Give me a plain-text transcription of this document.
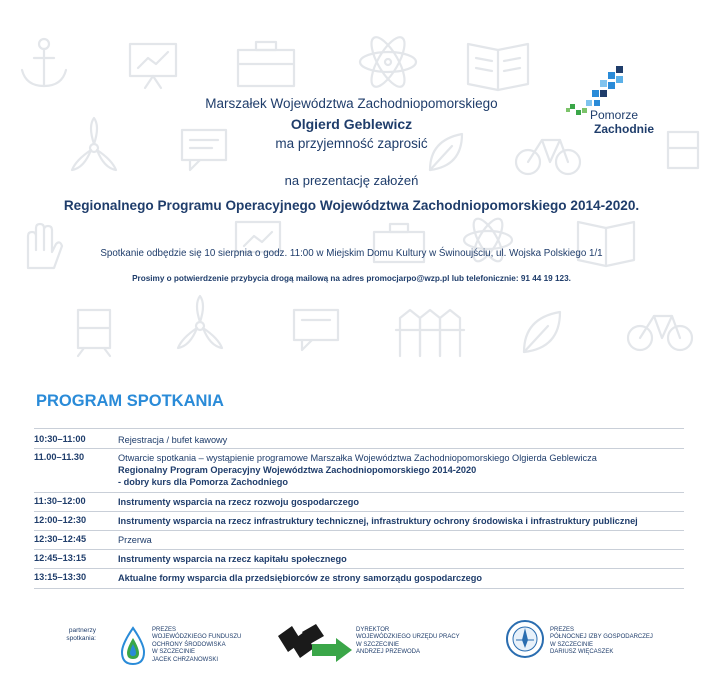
Pomorze
Zachodnie
Marszałek Województwa Zachodniopomorskiego
Olgierd Geblewicz
ma przyjemność zaprosić
na prezentację założeń
Regionalnego Programu Operacyjnego Województwa Zachodniopomorskiego 2014-2020.
Spotkanie odbędzie się 10 sierpnia o godz. 11:00 w Miejskim Domu Kultury w Świnoujściu, ul. Wojska Polskiego 1/1
Prosimy o potwierdzenie przybycia drogą mailową na adres promocjarpo@wzp.pl lub telefonicznie: 91 44 19 123.
PROGRAM SPOTKANIA
10:30–11:00	Rejestracja / bufet kawowy
11.00–11.30	Otwarcie spotkania – wystąpienie programowe Marszałka Województwa Zachodniopomorskiego Olgierda Geblewicza
Regionalny Program Operacyjny Województwa Zachodniopomorskiego 2014-2020
- dobry kurs dla Pomorza Zachodniego
11:30–12:00	Instrumenty wsparcia na rzecz rozwoju gospodarczego
12:00–12:30	Instrumenty wsparcia na rzecz infrastruktury technicznej, infrastruktury ochrony środowiska i infrastruktury publicznej
12:30–12:45	Przerwa
12:45–13:15	Instrumenty wsparcia na rzecz kapitału społecznego
13:15–13:30	Aktualne formy wsparcia dla przedsiębiorców ze strony samorządu gospodarczego
partnerzy
spotkania:
PREZES
WOJEWÓDZKIEGO FUNDUSZU
OCHRONY ŚRODOWISKA
W SZCZECINIE
JACEK CHRZANOWSKI
DYREKTOR
WOJEWÓDZKIEGO URZĘDU PRACY
W SZCZECINIE
ANDRZEJ PRZEWODA
PREZES
PÓŁNOCNEJ IZBY GOSPODARCZEJ
W SZCZECINIE
DARIUSZ WIĘCASZEK
